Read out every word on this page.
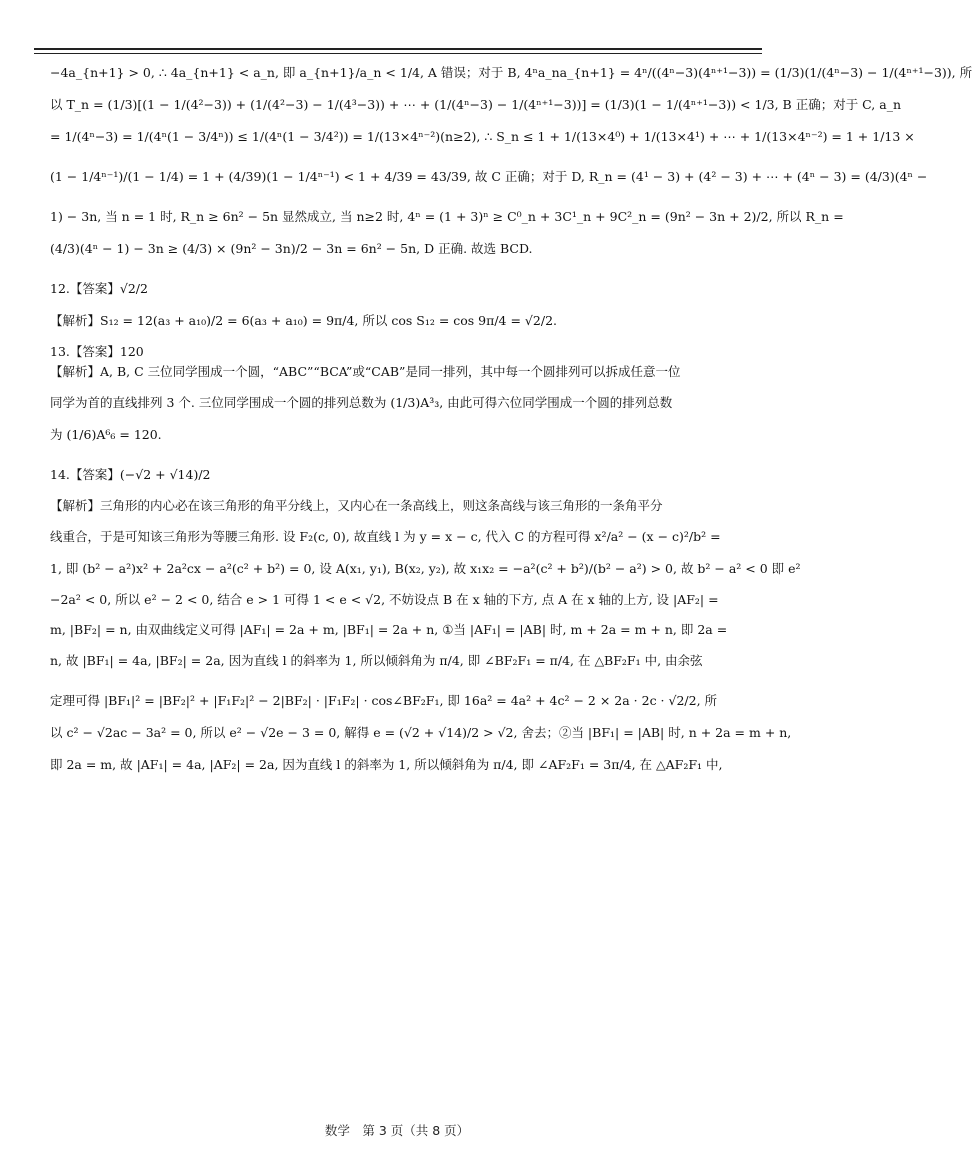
−4a_{n+1} > 0, ∴ 4a_{n+1} < a_n, 即 a_{n+1}/a_n < 1/4, A 错误；对于 B, 4ⁿa_na_{n+1} = 4ⁿ/((4ⁿ−3)(4ⁿ⁺¹−3)) = (1/3)(1/(4ⁿ−3) − 1/(4ⁿ⁺¹−3)), 所
以 T_n = (1/3)[(1 − 1/(4²−3)) + (1/(4²−3) − 1/(4³−3)) + ⋯ + (1/(4ⁿ−3) − 1/(4ⁿ⁺¹−3))] = (1/3)(1 − 1/(4ⁿ⁺¹−3)) < 1/3, B 正确；对于 C, a_n
= 1/(4ⁿ−3) = 1/(4ⁿ(1 − 3/4ⁿ)) ≤ 1/(4ⁿ(1 − 3/4²)) = 1/(13×4ⁿ⁻²)(n≥2), ∴ S_n ≤ 1 + 1/(13×4⁰) + 1/(13×4¹) + ⋯ + 1/(13×4ⁿ⁻²) = 1 + 1/13 ×
(1 − 1/4ⁿ⁻¹)/(1 − 1/4) = 1 + (4/39)(1 − 1/4ⁿ⁻¹) < 1 + 4/39 = 43/39, 故 C 正确；对于 D, R_n = (4¹ − 3) + (4² − 3) + ⋯ + (4ⁿ − 3) = (4/3)(4ⁿ −
1) − 3n, 当 n = 1 时, R_n ≥ 6n² − 5n 显然成立, 当 n≥2 时, 4ⁿ = (1 + 3)ⁿ ≥ C⁰_n + 3C¹_n + 9C²_n = (9n² − 3n + 2)/2, 所以 R_n =
(4/3)(4ⁿ − 1) − 3n ≥ (4/3) × (9n² − 3n)/2 − 3n = 6n² − 5n, D 正确. 故选 BCD.
12.【答案】√2/2
【解析】S₁₂ = 12(a₃ + a₁₀)/2 = 6(a₃ + a₁₀) = 9π/4, 所以 cos S₁₂ = cos 9π/4 = √2/2.
13.【答案】120
【解析】A, B, C 三位同学围成一个圆，“ABC”“BCA”或“CAB”是同一排列，其中每一个圆排列可以拆成任意一位
同学为首的直线排列 3 个. 三位同学围成一个圆的排列总数为 (1/3)A³₃, 由此可得六位同学围成一个圆的排列总数
为 (1/6)A⁶₆ = 120.
14.【答案】(−√2 + √14)/2
【解析】三角形的内心必在该三角形的角平分线上，又内心在一条高线上，则这条高线与该三角形的一条角平分
线重合，于是可知该三角形为等腰三角形. 设 F₂(c, 0), 故直线 l 为 y = x − c, 代入 C 的方程可得 x²/a² − (x − c)²/b² =
1, 即 (b² − a²)x² + 2a²cx − a²(c² + b²) = 0, 设 A(x₁, y₁), B(x₂, y₂), 故 x₁x₂ = −a²(c² + b²)/(b² − a²) > 0, 故 b² − a² < 0 即 e²
−2a² < 0, 所以 e² − 2 < 0, 结合 e > 1 可得 1 < e < √2, 不妨设点 B 在 x 轴的下方, 点 A 在 x 轴的上方, 设 |AF₂| =
m, |BF₂| = n, 由双曲线定义可得 |AF₁| = 2a + m, |BF₁| = 2a + n, ①当 |AF₁| = |AB| 时, m + 2a = m + n, 即 2a =
n, 故 |BF₁| = 4a, |BF₂| = 2a, 因为直线 l 的斜率为 1, 所以倾斜角为 π/4, 即 ∠BF₂F₁ = π/4, 在 △BF₂F₁ 中, 由余弦
定理可得 |BF₁|² = |BF₂|² + |F₁F₂|² − 2|BF₂| · |F₁F₂| · cos∠BF₂F₁, 即 16a² = 4a² + 4c² − 2 × 2a · 2c · √2/2, 所
以 c² − √2ac − 3a² = 0, 所以 e² − √2e − 3 = 0, 解得 e = (√2 + √14)/2 > √2, 舍去；②当 |BF₁| = |AB| 时, n + 2a = m + n,
即 2a = m, 故 |AF₁| = 4a, |AF₂| = 2a, 因为直线 l 的斜率为 1, 所以倾斜角为 π/4, 即 ∠AF₂F₁ = 3π/4, 在 △AF₂F₁ 中,
数学　第 3 页（共 8 页）
